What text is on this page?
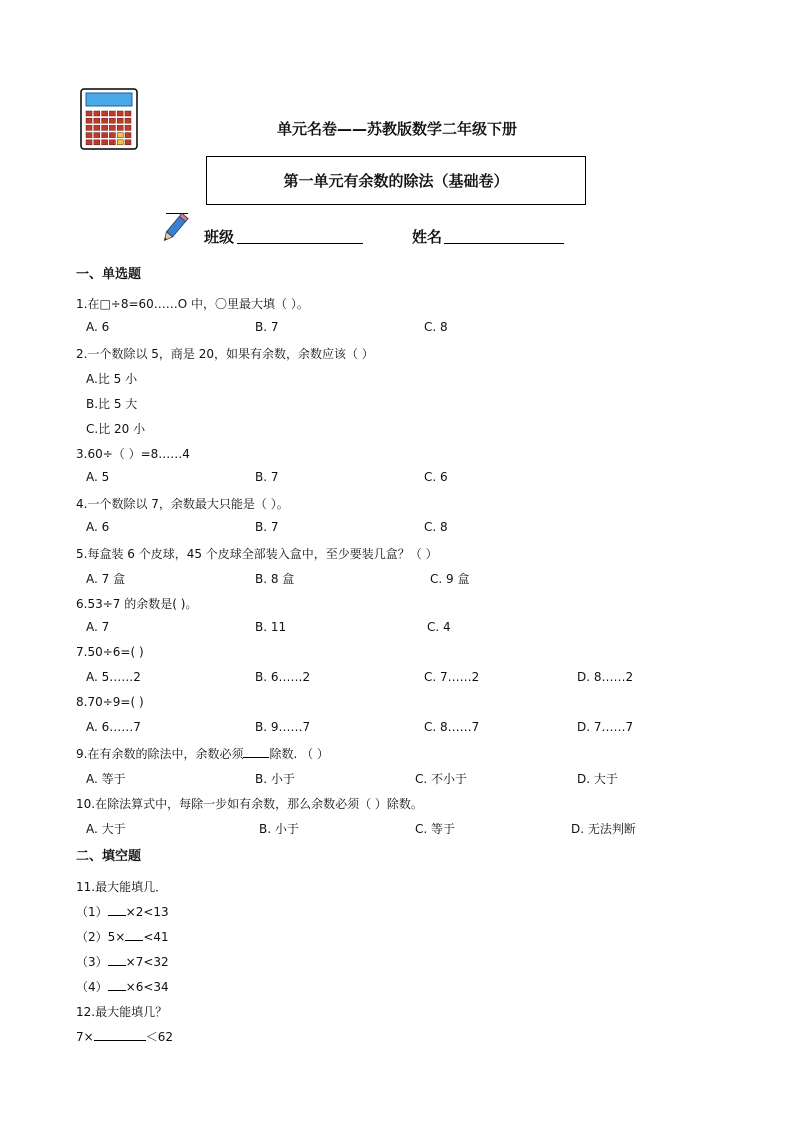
单元名卷——苏教版数学二年级下册
第一单元有余数的除法（基础卷）
班级	姓名
一、单选题
1.在□÷8=60……O 中，〇里最大填（ ）。
A. 6	B. 7	C. 8
2.一个数除以 5，商是 20，如果有余数，余数应该（ ）
A.比 5 小
B.比 5 大
C.比 20 小
3.60÷（ ）=8……4
A. 5	B. 7	C. 6
4.一个数除以 7，余数最大只能是（ ）。
A. 6	B. 7	C. 8
5.每盒装 6 个皮球，45 个皮球全部装入盒中，至少要装几盒？（ ）
A. 7 盒	B. 8 盒	C. 9 盒
6.53÷7 的余数是( )。
A. 7	B. 11	C. 4
7.50÷6=( )
A. 5……2	B. 6……2	C. 7……2	D. 8……2
8.70÷9=( )
A. 6……7	B. 9……7	C. 8……7	D. 7……7
9.在有余数的除法中，余数必须 除数. （ ）
A. 等于	B. 小于	C. 不小于	D. 大于
10.在除法算式中，每除一步如有余数，那么余数必须（ ）除数。
A. 大于	B. 小于	C. 等于	D. 无法判断
二、填空题
11.最大能填几．
（1） ×2<13
（2）5× <41
（3） ×7<32
（4） ×6<34
12.最大能填几？
7×	＜62
